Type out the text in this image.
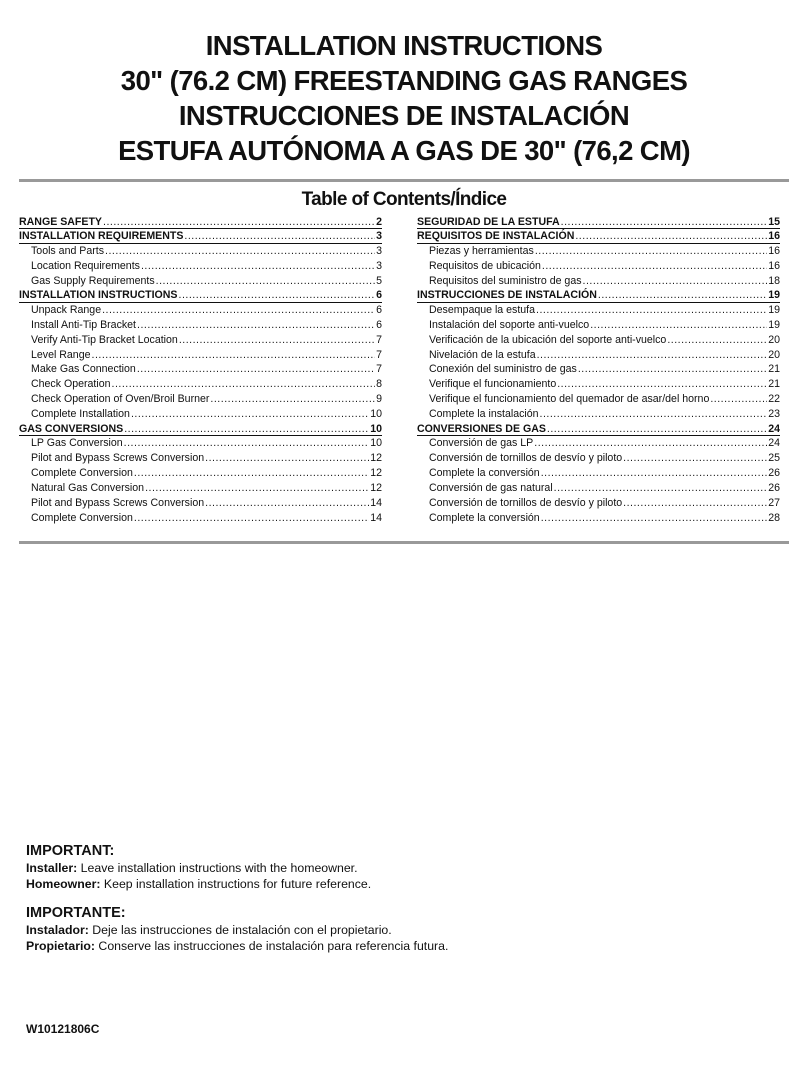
INSTALLATION INSTRUCTIONS
30" (76.2 CM) FREESTANDING GAS RANGES
INSTRUCCIONES DE INSTALACIÓN
ESTUFA AUTÓNOMA A GAS DE 30" (76,2 CM)
Table of Contents/Índice
RANGE SAFETY .....	2
INSTALLATION REQUIREMENTS .....	3
Tools and Parts .....	3
Location Requirements .....	3
Gas Supply Requirements .....	5
INSTALLATION INSTRUCTIONS .....	6
Unpack Range .....	6
Install Anti-Tip Bracket .....	6
Verify Anti-Tip Bracket Location .....	7
Level Range .....	7
Make Gas Connection .....	7
Check Operation .....	8
Check Operation of Oven/Broil Burner .....	9
Complete Installation .....	10
GAS CONVERSIONS .....	10
LP Gas Conversion .....	10
Pilot and Bypass Screws Conversion .....	12
Complete Conversion .....	12
Natural Gas Conversion .....	12
Pilot and Bypass Screws Conversion .....	14
Complete Conversion .....	14
SEGURIDAD DE LA ESTUFA .....	15
REQUISITOS DE INSTALACIÓN .....	16
Piezas y herramientas .....	16
Requisitos de ubicación .....	16
Requisitos del suministro de gas .....	18
INSTRUCCIONES DE INSTALACIÓN .....	19
Desempaque la estufa .....	19
Instalación del soporte anti-vuelco .....	19
Verificación de la ubicación del soporte anti-vuelco .....	20
Nivelación de la estufa .....	20
Conexión del suministro de gas .....	21
Verifique el funcionamiento .....	21
Verifique el funcionamiento del quemador de asar/del horno .....	22
Complete la instalación .....	23
CONVERSIONES DE GAS .....	24
Conversión de gas LP .....	24
Conversión de tornillos de desvío y piloto .....	25
Complete la conversión .....	26
Conversión de gas natural .....	26
Conversión de tornillos de desvío y piloto .....	27
Complete la conversión .....	28
IMPORTANT:

Installer: Leave installation instructions with the homeowner.

Homeowner: Keep installation instructions for future reference.

IMPORTANTE:

Instalador: Deje las instrucciones de instalación con el propietario.

Propietario: Conserve las instrucciones de instalación para referencia futura.

W10121806C
